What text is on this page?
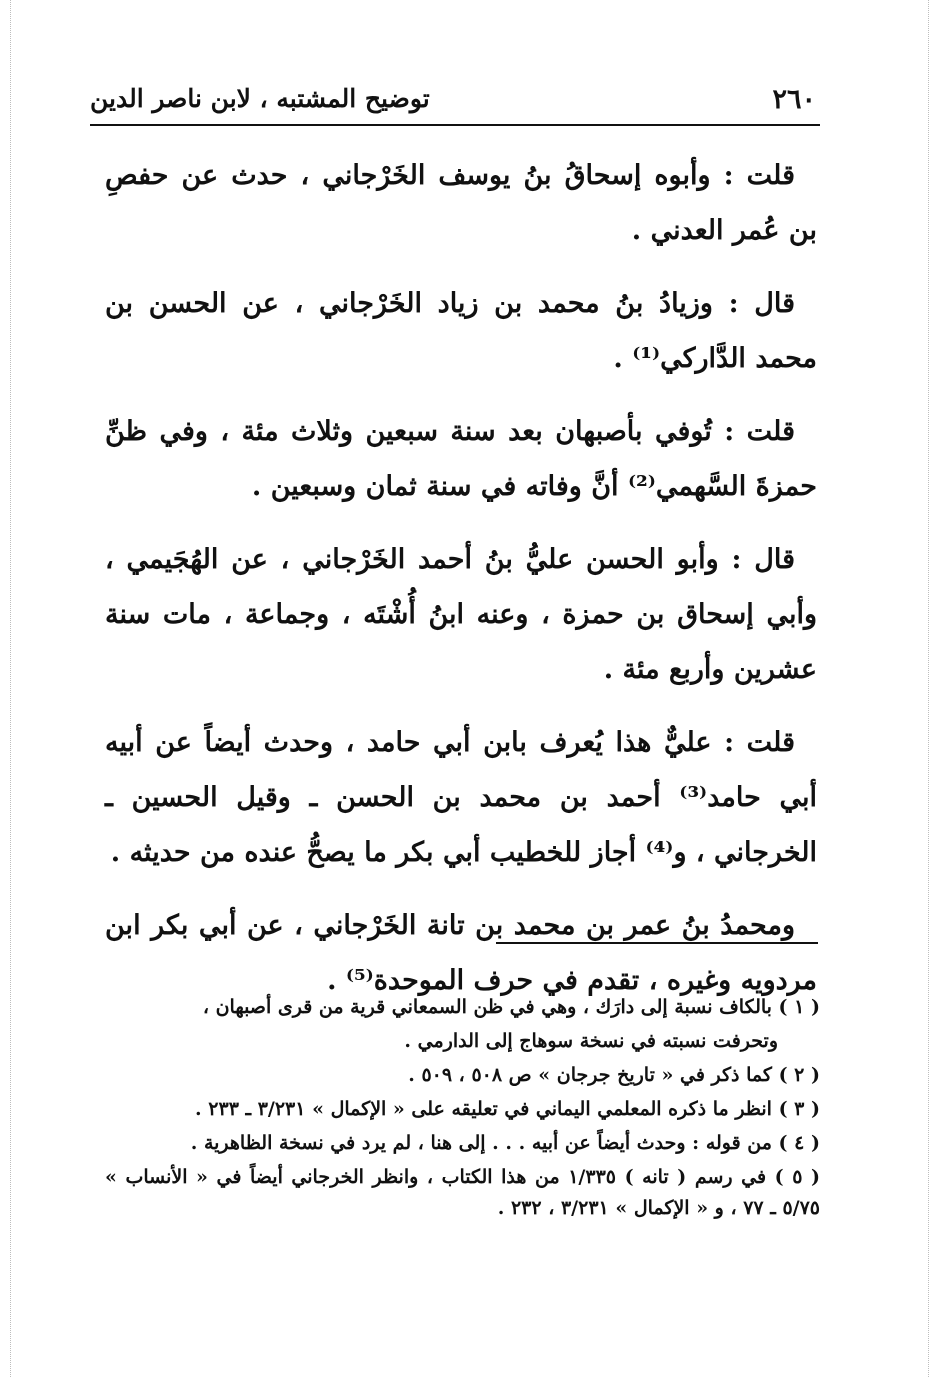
٢٦٠
توضيح المشتبه ، لابن ناصر الدين

قلت : وأبوه إسحاقُ بنُ يوسف الخَرْجاني ، حدث عن حفصِ بن عُمر العدني .

قال : وزيادُ بنُ محمد بن زياد الخَرْجاني ، عن الحسن بن محمد الدَّاركي⁽¹⁾ .

قلت : تُوفي بأصبهان بعد سنة سبعين وثلاث مئة ، وفي ظنِّ حمزةَ السَّهمي⁽²⁾ أنَّ وفاته في سنة ثمان وسبعين .

قال : وأبو الحسن عليُّ بنُ أحمد الخَرْجاني ، عن الهُجَيمي ، وأبي إسحاق بن حمزة ، وعنه ابنُ أُشْتَه ، وجماعة ، مات سنة عشرين وأربع مئة .

قلت : عليٌّ هذا يُعرف بابن أبي حامد ، وحدث أيضاً عن أبيه أبي حامد⁽³⁾ أحمد بن محمد بن الحسن ـ وقيل الحسين ـ الخرجاني ، و⁽⁴⁾ أجاز للخطيب أبي بكر ما يصحُّ عنده من حديثه .

ومحمدُ بنُ عمر بن محمد بن تانة الخَرْجاني ، عن أبي بكر ابن مردويه وغيره ، تقدم في حرف الموحدة⁽⁵⁾ .

( ١ ) بالكاف نسبة إلى دارَك ، وهي في ظن السمعاني قرية من قرى أصبهان ،
وتحرفت نسبته في نسخة سوهاج إلى الدارمي .
( ٢ ) كما ذكر في « تاريخ جرجان » ص ٥٠٨ ، ٥٠٩ .
( ٣ ) انظر ما ذكره المعلمي اليماني في تعليقه على « الإكمال » ٣/٢٣١ ـ ٢٣٣ .
( ٤ ) من قوله : وحدث أيضاً عن أبيه . . . إلى هنا ، لم يرد في نسخة الظاهرية .
( ٥ ) في رسم ( تانه ) ١/٣٣٥ من هذا الكتاب ، وانظر الخرجاني أيضاً في « الأنساب » ٥/٧٥ ـ ٧٧ ، و « الإكمال » ٣/٢٣١ ، ٢٣٢ .
